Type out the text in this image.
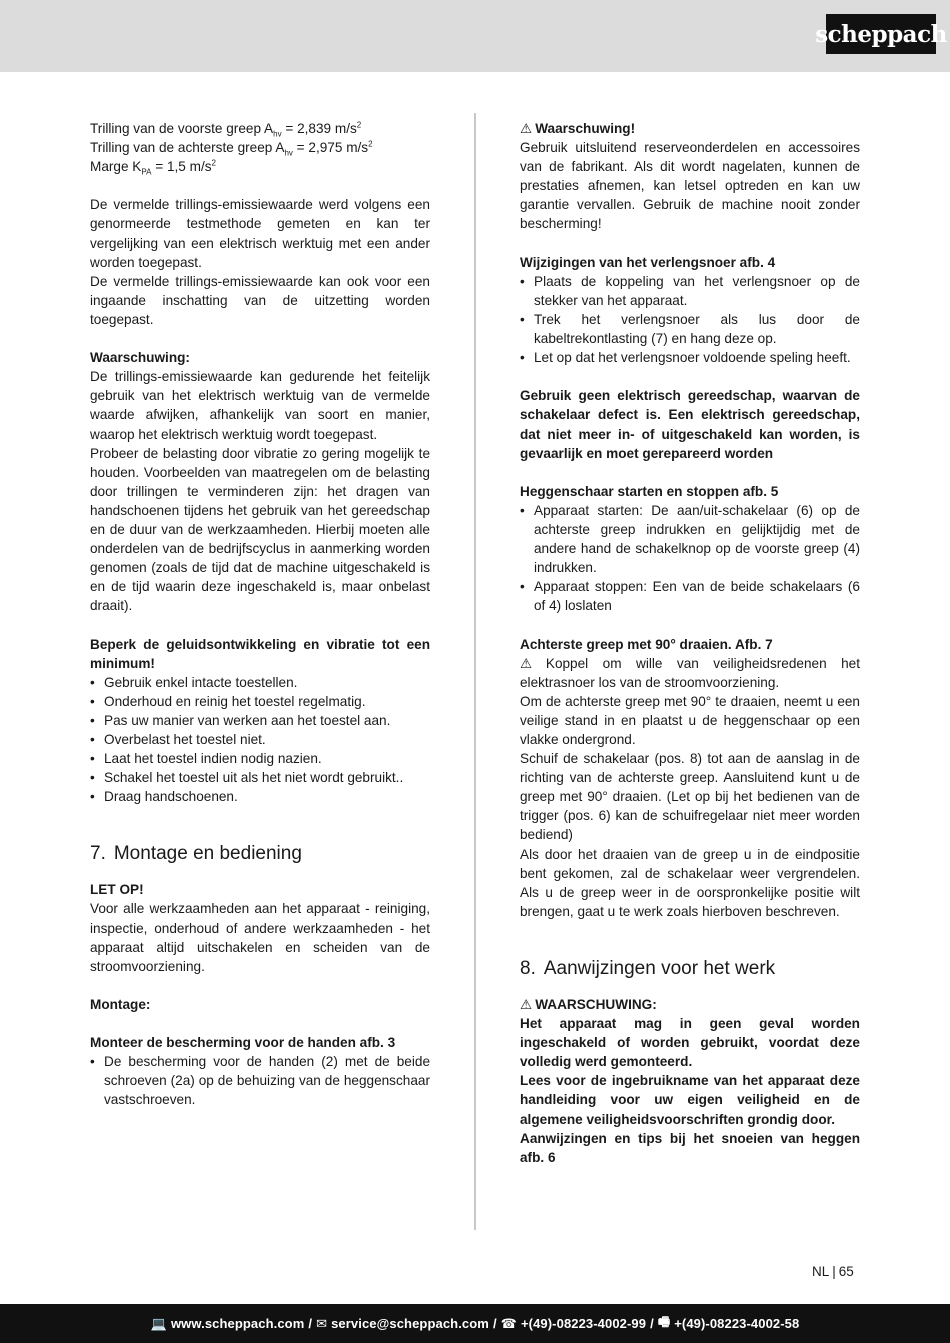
scheppach

Trilling van de voorste greep $A_{hv} = 2,839$ $m/s^2$

Trilling van de achterste greep $A_{hv} = 2,975$ $m/s^2$

Marge $K_{PA} = 1,5$ $m/s^2$

De vermelde trillings-emissiewaarde werd volgens een genormeerde testmethode gemeten en kan ter vergelijking van een elektrisch werktuig met een ander worden toegepast.

De vermelde trillings-emissiewaarde kan ook voor een ingaande inschatting van de uitzetting worden toegepast.

Waarschuwing:

De trillings-emissiewaarde kan gedurende het feitelijk gebruik van het elektrisch werktuig van de vermelde waarde afwijken, afhankelijk van soort en manier, waarop het elektrisch werktuig wordt toegepast.

Probeer de belasting door vibratie zo gering mogelijk te houden. Voorbeelden van maatregelen om de belasting door trillingen te verminderen zijn: het dragen van handschoenen tijdens het gebruik van het gereedschap en de duur van de werkzaamheden. Hierbij moeten alle onderdelen van de bedrijfscyclus in aanmerking worden genomen (zoals de tijd dat de machine uitgeschakeld is en de tijd waarin deze ingeschakeld is, maar onbelast draait).

Beperk de geluidsontwikkeling en vibratie tot een minimum!

• Gebruik enkel intacte toestellen.
• Onderhoud en reinig het toestel regelmatig.
• Pas uw manier van werken aan het toestel aan.
• Overbelast het toestel niet.
• Laat het toestel indien nodig nazien.
• Schakel het toestel uit als het niet wordt gebruikt..
• Draag handschoenen.
7. Montage en bediening

LET OP!

Voor alle werkzaamheden aan het apparaat - reiniging, inspectie, onderhoud of andere werkzaamheden - het apparaat altijd uitschakelen en scheiden van de stroomvoorziening.

Montage:

Monteer de bescherming voor de handen afb. 3

• De bescherming voor de handen (2) met de beide schroeven (2a) op de behuizing van de heggenschaar vastschroeven.

⚠ Waarschuwing!

Gebruik uitsluitend reserveonderdelen en accessoires van de fabrikant. Als dit wordt nagelaten, kunnen de prestaties afnemen, kan letsel optreden en kan uw garantie vervallen. Gebruik de machine nooit zonder bescherming!

Wijzigingen van het verlengsnoer afb. 4

• Plaats de koppeling van het verlengsnoer op de stekker van het apparaat.
• Trek het verlengsnoer als lus door de kabeltrekontlasting (7) en hang deze op.
• Let op dat het verlengsnoer voldoende speling heeft.

Gebruik geen elektrisch gereedschap, waarvan de schakelaar defect is. Een elektrisch gereedschap, dat niet meer in- of uitgeschakeld kan worden, is gevaarlijk en moet gerepareerd worden

Heggenschaar starten en stoppen afb. 5

• Apparaat starten: De aan/uit-schakelaar (6) op de achterste greep indrukken en gelijktijdig met de andere hand de schakelknop op de voorste greep (4) indrukken.
• Apparaat stoppen: Een van de beide schakelaars (6 of 4) loslaten

Achterste greep met 90° draaien. Afb. 7

⚠ Koppel om wille van veiligheidsredenen het elektrasnoer los van de stroomvoorziening.

Om de achterste greep met 90° te draaien, neemt u een veilige stand in en plaatst u de heggenschaar op een vlakke ondergrond.

Schuif de schakelaar (pos. 8) tot aan de aanslag in de richting van de achterste greep. Aansluitend kunt u de greep met 90° draaien. (Let op bij het bedienen van de trigger (pos. 6) kan de schuifregelaar niet meer worden bediend)

Als door het draaien van de greep u in de eindpositie bent gekomen, zal de schakelaar weer vergrendelen. Als u de greep weer in de oorspronkelijke positie wilt brengen, gaat u te werk zoals hierboven beschreven.

8. Aanwijzingen voor het werk

⚠ WAARSCHUWING:

Het apparaat mag in geen geval worden ingeschakeld of worden gebruikt, voordat deze volledig werd gemonteerd.

Lees voor de ingebruikname van het apparaat deze handleiding voor uw eigen veiligheid en de algemene veiligheidsvoorschriften grondig door.

Aanwijzingen en tips bij het snoeien van heggen afb. 6

NL | 65
💻 www.scheppach.com / ✉ service@scheppach.com / ☎ +(49)-08223-4002-99 / 🖷 +(49)-08223-4002-58
